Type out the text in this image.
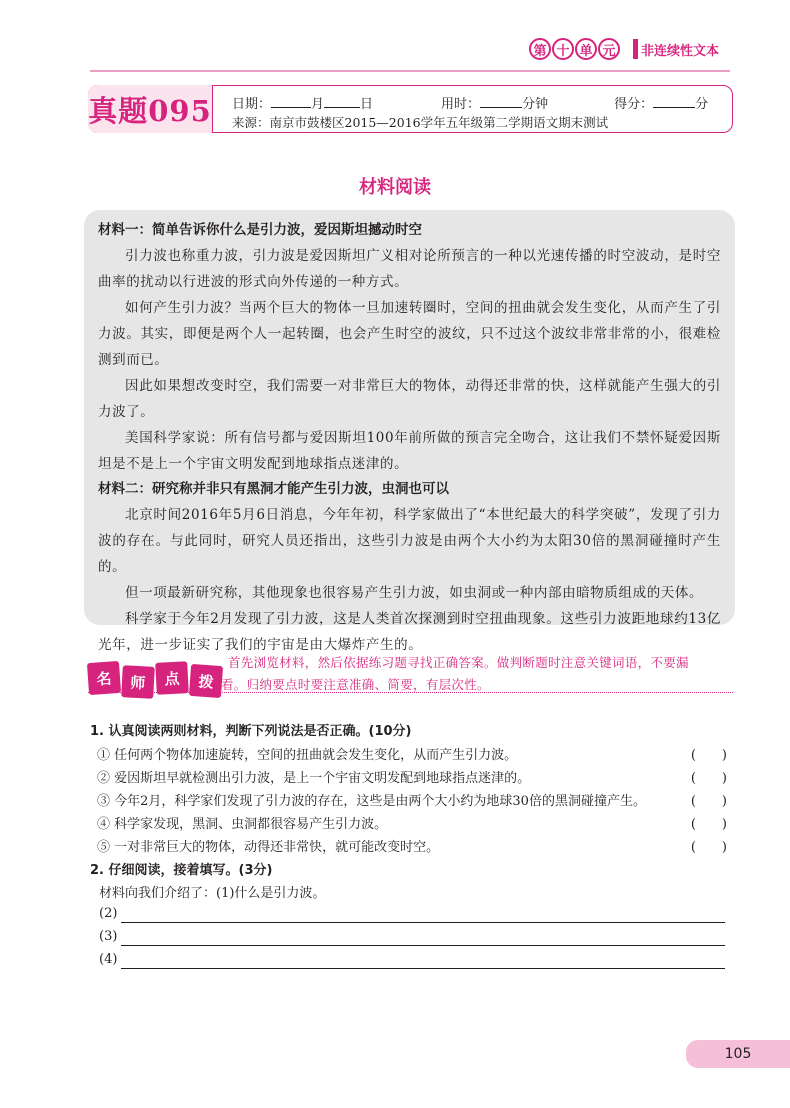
第 十 单 元	非连续性文本
真题095 日期：	月	日	用时：	分钟	得分：	分
来源：南京市鼓楼区2015—2016学年五年级第二学期语文期末测试
材料阅读
材料一：简单告诉你什么是引力波，爱因斯坦撼动时空

引力波也称重力波，引力波是爱因斯坦广义相对论所预言的一种以光速传播的时空波动，是时空曲率的扰动以行进波的形式向外传递的一种方式。

如何产生引力波？当两个巨大的物体一旦加速转圈时，空间的扭曲就会发生变化，从而产生了引力波。其实，即便是两个人一起转圈，也会产生时空的波纹，只不过这个波纹非常非常的小，很难检测到而已。

因此如果想改变时空，我们需要一对非常巨大的物体，动得还非常的快，这样就能产生强大的引力波了。

美国科学家说：所有信号都与爱因斯坦100年前所做的预言完全吻合，这让我们不禁怀疑爱因斯坦是不是上一个宇宙文明发配到地球指点迷津的。

材料二：研究称并非只有黑洞才能产生引力波，虫洞也可以

北京时间2016年5月6日消息，今年年初，科学家做出了“本世纪最大的科学突破”，发现了引力波的存在。与此同时，研究人员还指出，这些引力波是由两个大小约为太阳30倍的黑洞碰撞时产生的。

但一项最新研究称，其他现象也很容易产生引力波，如虫洞或一种内部由暗物质组成的天体。

科学家于今年2月发现了引力波，这是人类首次探测到时空扭曲现象。这些引力波距地球约13亿光年，进一步证实了我们的宇宙是由大爆炸产生的。

名	师	点	拨
首先浏览材料，然后依据练习题寻找正确答案。做判断题时注意关键词语，不要漏
看。归纳要点时要注意准确、简要，有层次性。
1. 认真阅读两则材料，判断下列说法是否正确。(10分)
① 任何两个物体加速旋转，空间的扭曲就会发生变化，从而产生引力波。	(　　)
② 爱因斯坦早就检测出引力波，是上一个宇宙文明发配到地球指点迷津的。	(　　)
③ 今年2月，科学家们发现了引力波的存在，这些是由两个大小约为地球30倍的黑洞碰撞产生。	(　　)
④ 科学家发现，黑洞、虫洞都很容易产生引力波。	(　　)
⑤ 一对非常巨大的物体，动得还非常快，就可能改变时空。	(　　)
2. 仔细阅读，接着填写。(3分)
材料向我们介绍了：(1)什么是引力波。
(2)
(3)
(4)
105
